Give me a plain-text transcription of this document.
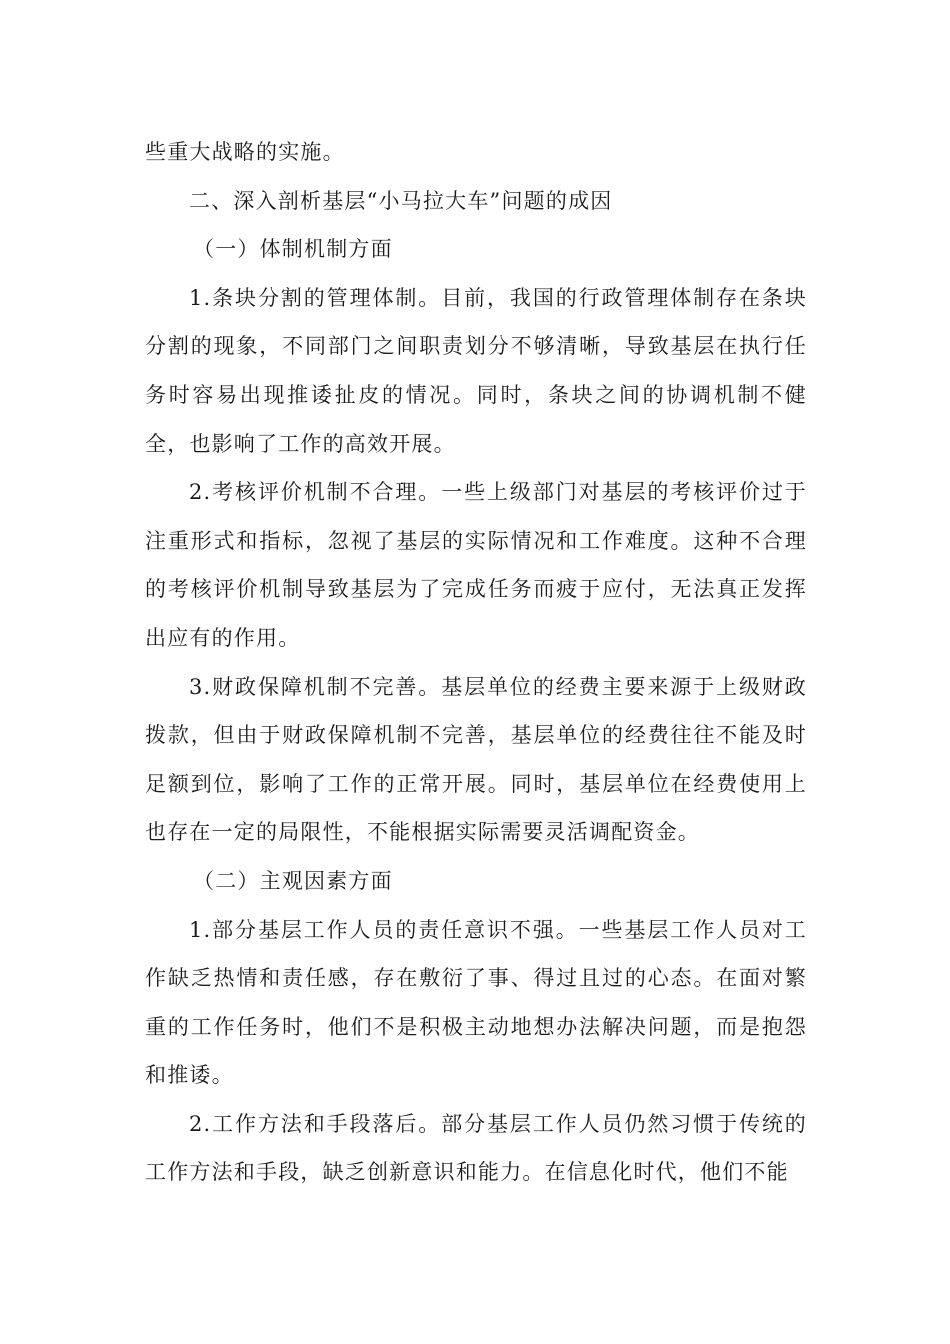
些重大战略的实施。

二、深入剖析基层“小马拉大车”问题的成因

（一）体制机制方面

1.条块分割的管理体制。目前，我国的行政管理体制存在条块分割的现象，不同部门之间职责划分不够清晰，导致基层在执行任务时容易出现推诿扯皮的情况。同时，条块之间的协调机制不健全，也影响了工作的高效开展。

2.考核评价机制不合理。一些上级部门对基层的考核评价过于注重形式和指标，忽视了基层的实际情况和工作难度。这种不合理的考核评价机制导致基层为了完成任务而疲于应付，无法真正发挥出应有的作用。

3.财政保障机制不完善。基层单位的经费主要来源于上级财政拨款，但由于财政保障机制不完善，基层单位的经费往往不能及时足额到位，影响了工作的正常开展。同时，基层单位在经费使用上也存在一定的局限性，不能根据实际需要灵活调配资金。

（二）主观因素方面

1.部分基层工作人员的责任意识不强。一些基层工作人员对工作缺乏热情和责任感，存在敷衍了事、得过且过的心态。在面对繁重的工作任务时，他们不是积极主动地想办法解决问题，而是抱怨和推诿。

2.工作方法和手段落后。部分基层工作人员仍然习惯于传统的工作方法和手段，缺乏创新意识和能力。在信息化时代，他们不能
